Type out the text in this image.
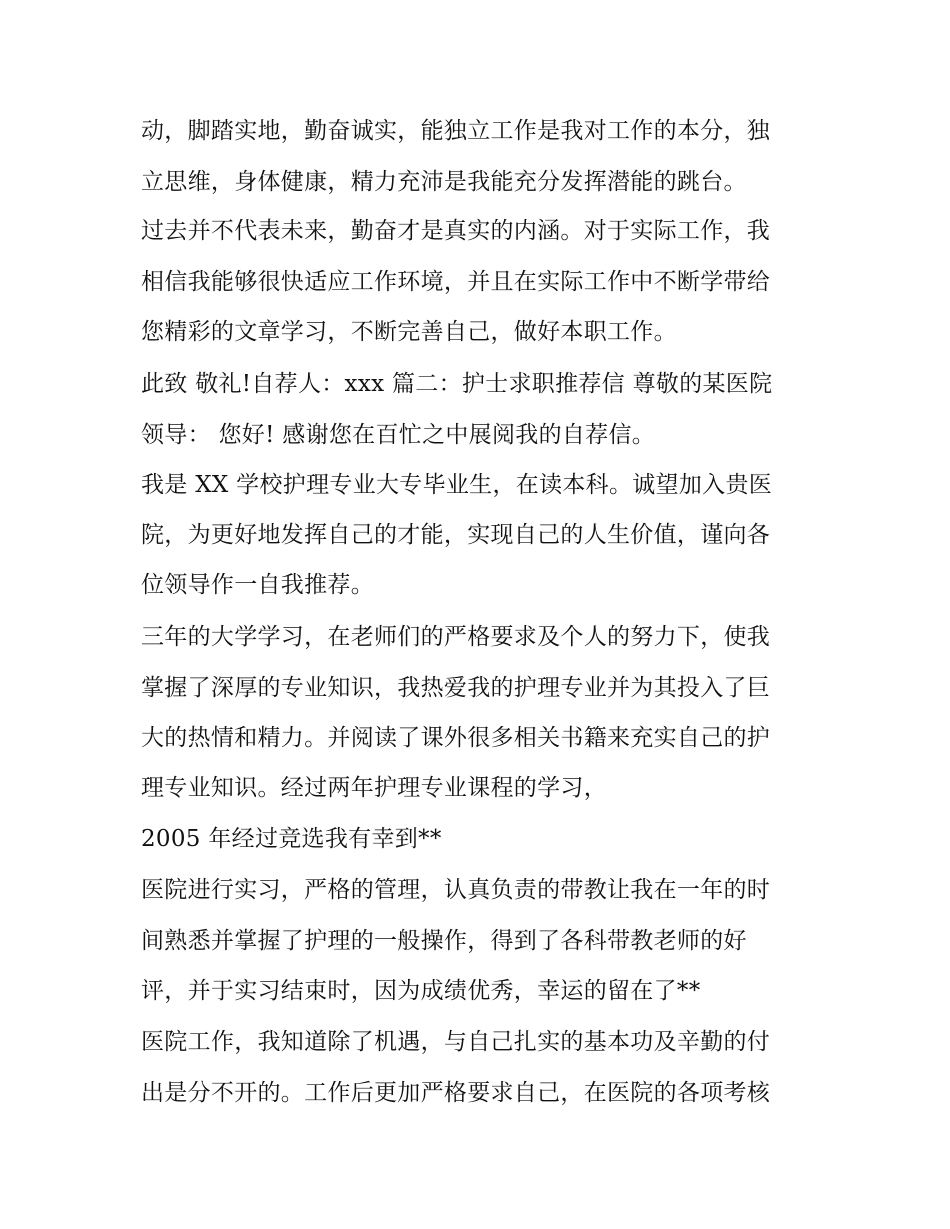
动，脚踏实地，勤奋诚实，能独立工作是我对工作的本分，独
立思维，身体健康，精力充沛是我能充分发挥潜能的跳台。
过去并不代表未来，勤奋才是真实的内涵。对于实际工作，我
相信我能够很快适应工作环境，并且在实际工作中不断学带给
您精彩的文章学习，不断完善自己，做好本职工作。
此致 敬礼!自荐人：xxx 篇二：护士求职推荐信 尊敬的某医院
领导： 您好! 感谢您在百忙之中展阅我的自荐信。
我是 XX 学校护理专业大专毕业生，在读本科。诚望加入贵医
院，为更好地发挥自己的才能，实现自己的人生价值，谨向各
位领导作一自我推荐。
三年的大学学习，在老师们的严格要求及个人的努力下，使我
掌握了深厚的专业知识，我热爱我的护理专业并为其投入了巨
大的热情和精力。并阅读了课外很多相关书籍来充实自己的护
理专业知识。经过两年护理专业课程的学习，
2005 年经过竞选我有幸到**
医院进行实习，严格的管理，认真负责的带教让我在一年的时
间熟悉并掌握了护理的一般操作，得到了各科带教老师的好
评，并于实习结束时，因为成绩优秀，幸运的留在了**
医院工作，我知道除了机遇，与自己扎实的基本功及辛勤的付
出是分不开的。工作后更加严格要求自己，在医院的各项考核
